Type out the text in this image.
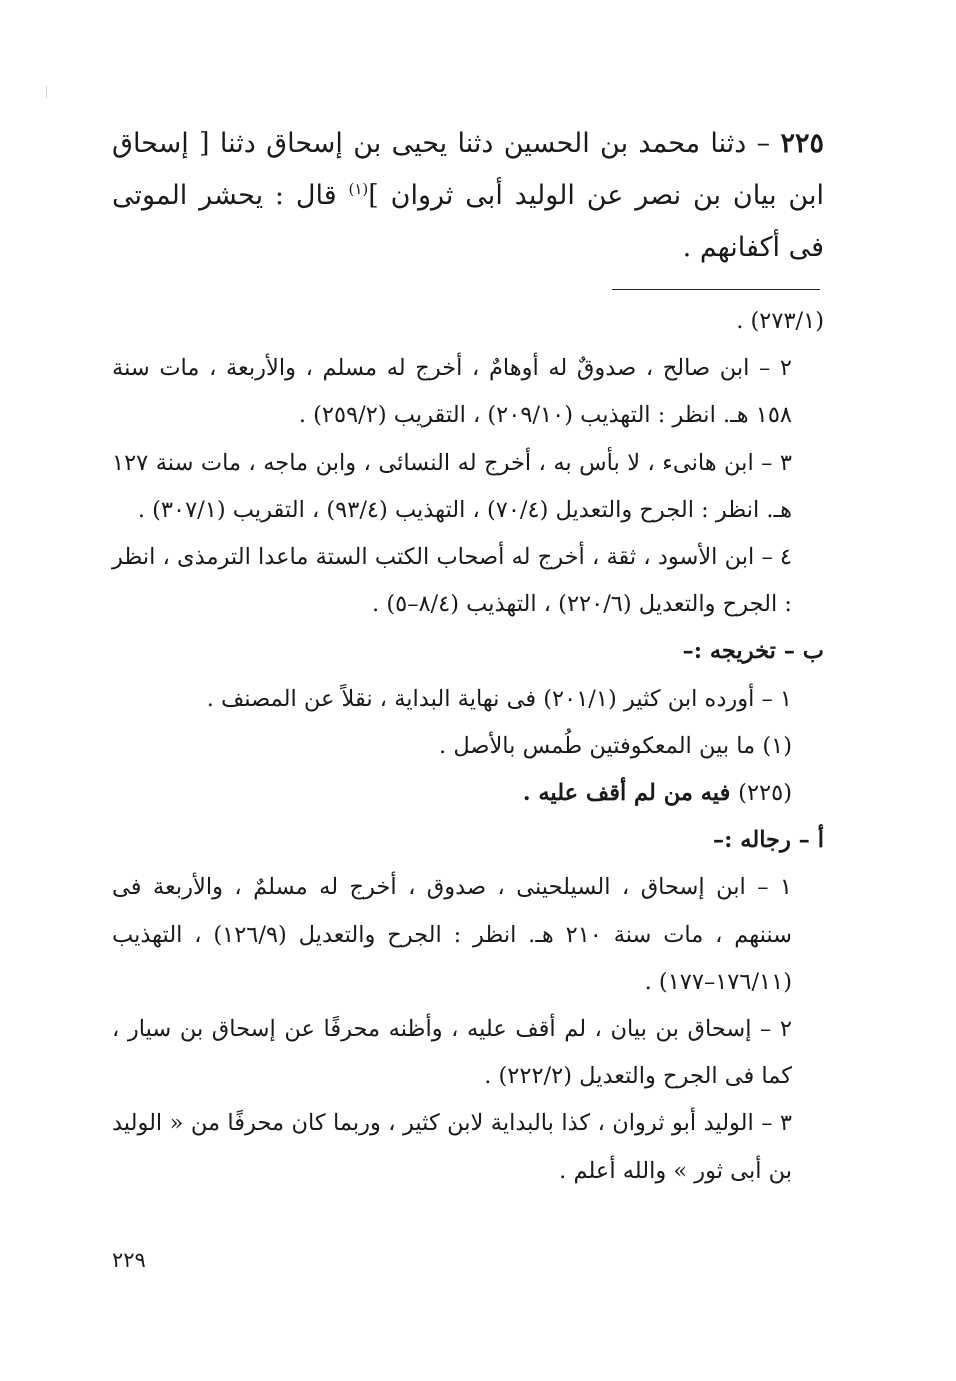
٢٢٥ – دثنا محمد بن الحسين دثنا يحيى بن إسحاق دثنا [ إسحاق ابن بيان بن نصر عن الوليد أبى ثروان ]$^{(١)}$ قال : يحشر الموتى فى أكفانهم .

(٢٧٣/١) .

٢ – ابن صالح ، صدوقٌ له أوهامٌ ، أخرج له مسلم ، والأربعة ، مات سنة ١٥٨ هـ. انظر : التهذيب (٢٠٩/١٠) ، التقريب (٢٥٩/٢) .

٣ – ابن هانىء ، لا بأس به ، أخرج له النسائى ، وابن ماجه ، مات سنة ١٢٧ هـ. انظر : الجرح والتعديل (٧٠/٤) ، التهذيب (٩٣/٤) ، التقريب (٣٠٧/١) .

٤ – ابن الأسود ، ثقة ، أخرج له أصحاب الكتب الستة ماعدا الترمذى ، انظر : الجرح والتعديل (٢٢٠/٦) ، التهذيب (٨/٤–٥) .

ب – تخريجه :–

١ – أورده ابن كثير (٢٠١/١) فى نهاية البداية ، نقلاً عن المصنف .

(١) ما بين المعكوفتين طُمس بالأصل .

(٢٢٥) فيه من لم أقف عليه .

أ – رجاله :–

١ – ابن إسحاق ، السيلحينى ، صدوق ، أخرج له مسلمٌ ، والأربعة فى سننهم ، مات سنة ٢١٠ هـ. انظر : الجرح والتعديل (١٢٦/٩) ، التهذيب (١٧٦/١١–١٧٧) .

٢ – إسحاق بن بيان ، لم أقف عليه ، وأظنه محرفًا عن إسحاق بن سيار ، كما فى الجرح والتعديل (٢٢٢/٢) .

٣ – الوليد أبو ثروان ، كذا بالبداية لابن كثير ، وربما كان محرفًا من « الوليد بن أبى ثور » والله أعلم .

٢٢٩
